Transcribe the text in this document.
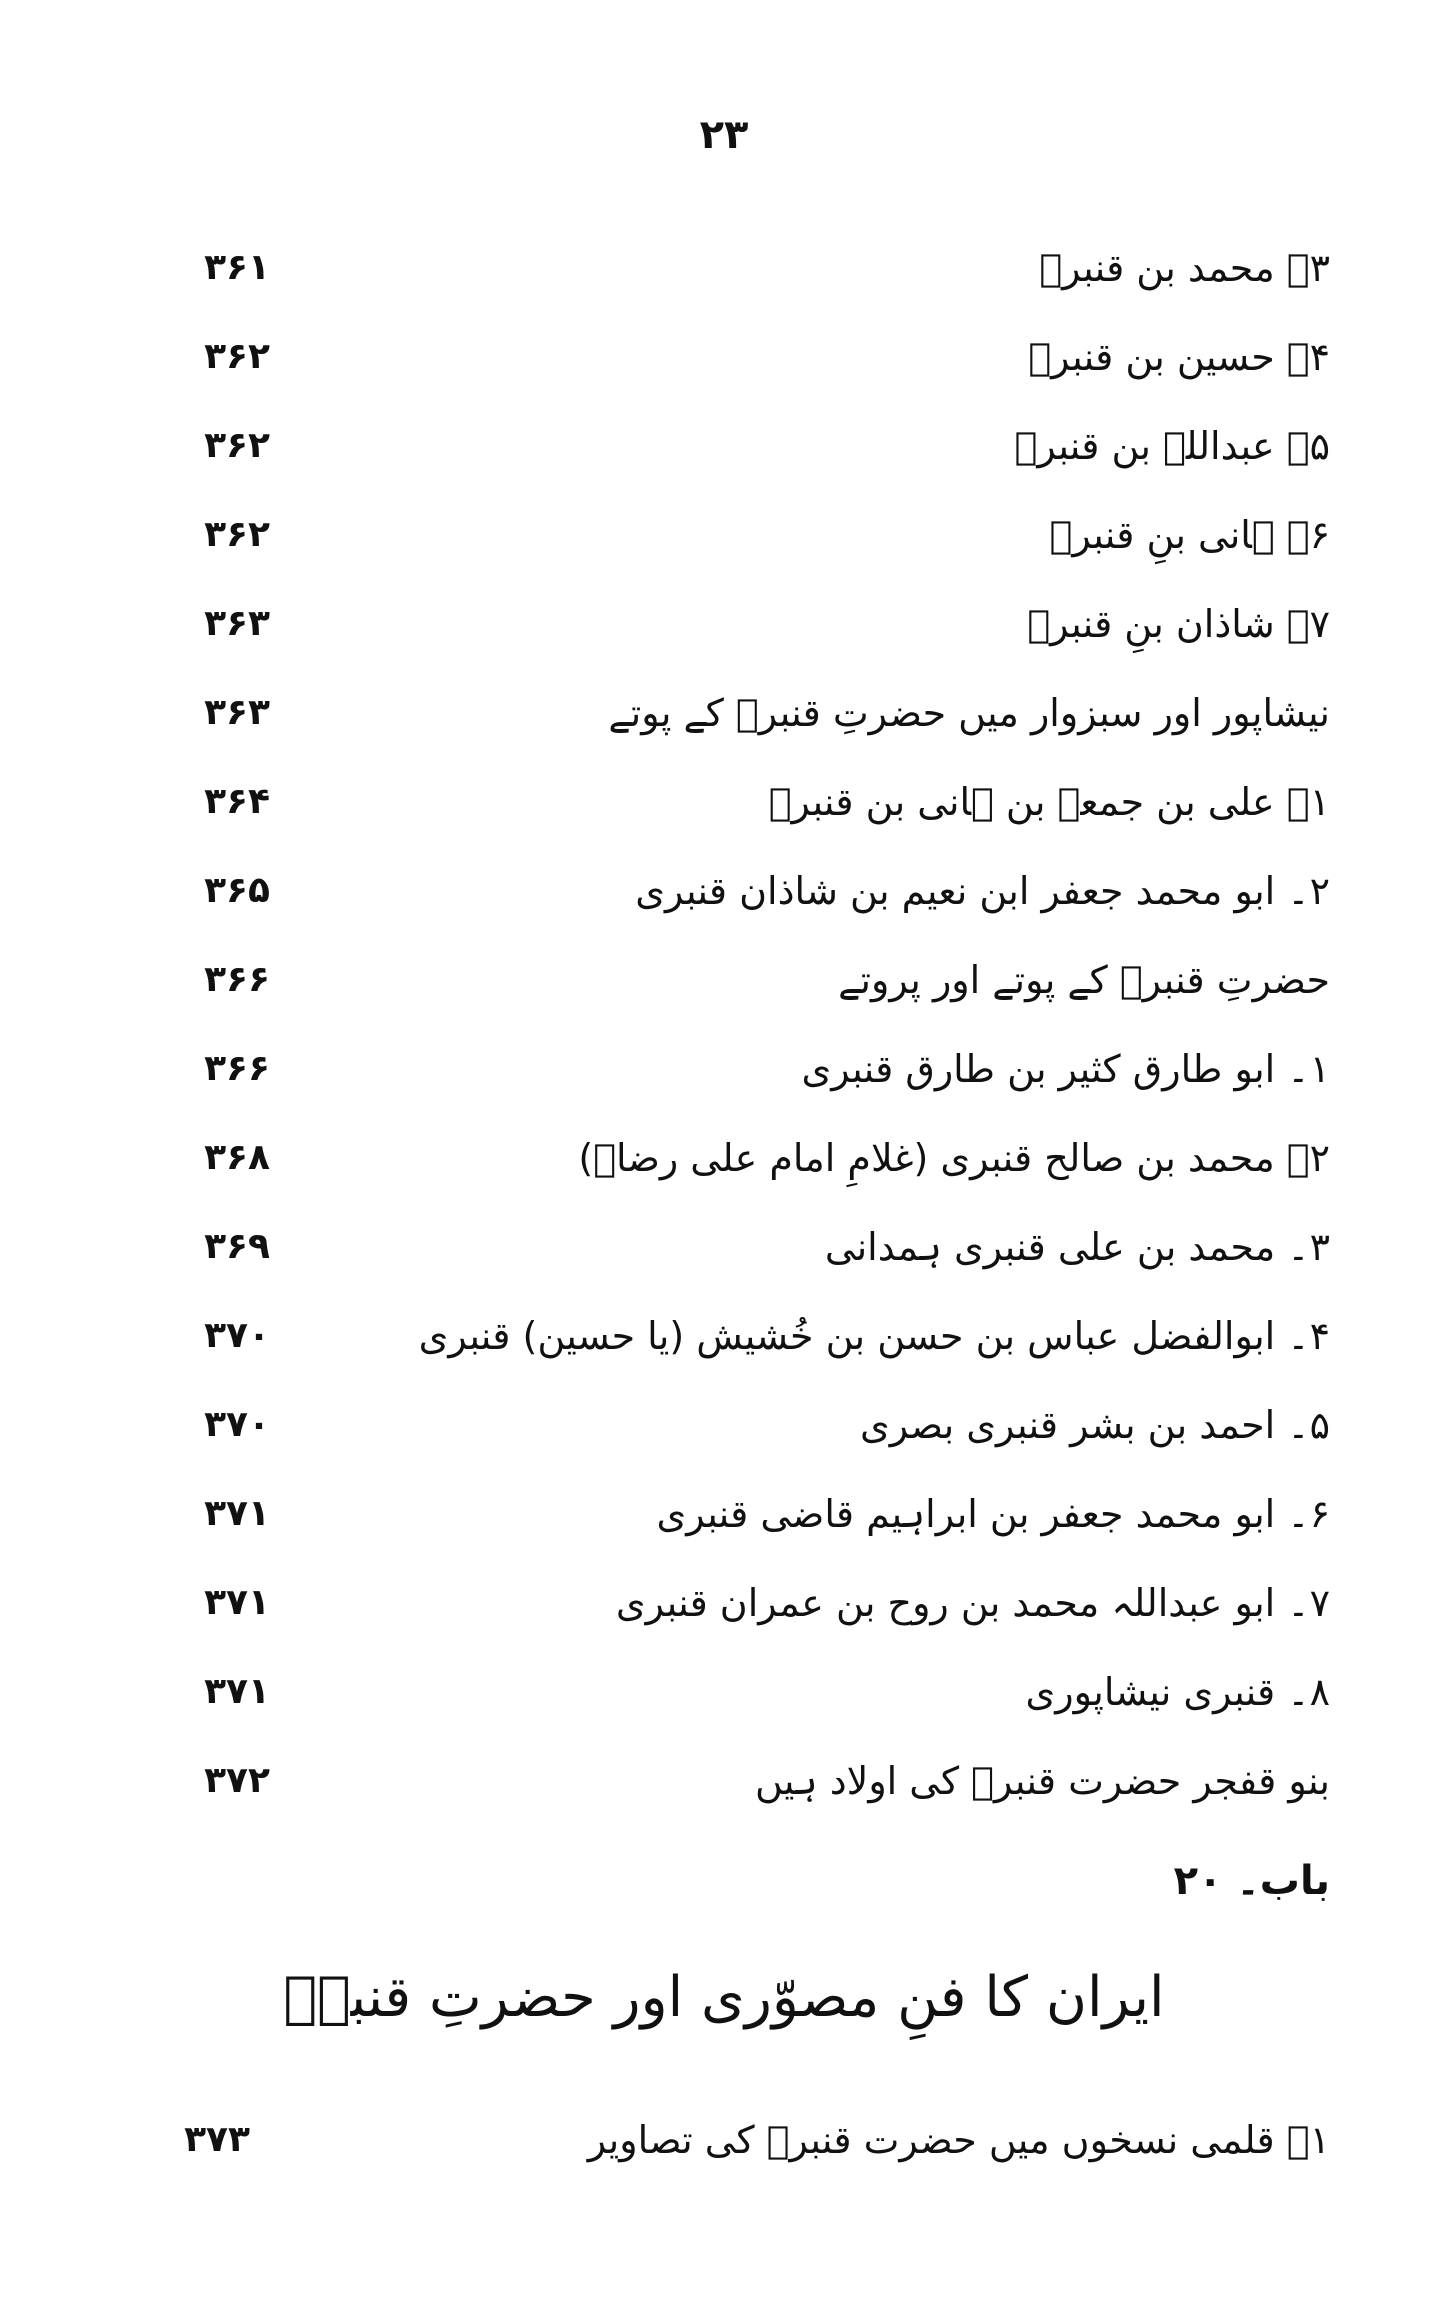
۲۳
۳۔ محمد بن قنبرؑ
۳۶۱
۴۔ حسین بن قنبرؑ
۳۶۲
۵۔ عبداللہ بن قنبرؑ
۳۶۲
۶۔ ہانی بنِ قنبرؑ
۳۶۲
۷۔ شاذان بنِ قنبرؑ
۳۶۳
نیشاپور اور سبزوار میں حضرتِ قنبرؑ کے پوتے
۳۶۳
۱۔ علی بن جمعہ بن ہانی بن قنبرؑ
۳۶۴
۲۔ ابو محمد جعفر ابن نعیم بن شاذان قنبری
۳۶۵
حضرتِ قنبرؑ کے پوتے اور پروتے
۳۶۶
۱۔ ابو طارق کثیر بن طارق قنبری
۳۶۶
۲۔ محمد بن صالح قنبری (غلامِ امام علی رضاؑ)
۳۶۸
۳۔ محمد بن علی قنبری ہمدانی
۳۶۹
۴۔ ابوالفضل عباس بن حسن بن خُشیش (یا حسین) قنبری
۳۷۰
۵۔ احمد بن بشر قنبری بصری
۳۷۰
۶۔ ابو محمد جعفر بن ابراہیم قاضی قنبری
۳۷۱
۷۔ ابو عبداللہ محمد بن روح بن عمران قنبری
۳۷۱
۸۔ قنبری نیشاپوری
۳۷۱
بنو قفجر حضرت قنبرؑ کی اولاد ہیں
۳۷۲
باب۔ ۲۰
ایران کا فنِ مصوّری اور حضرتِ قنبرؑ
۱۔ قلمی نسخوں میں حضرت قنبرؑ کی تصاویر
۳۷۳
